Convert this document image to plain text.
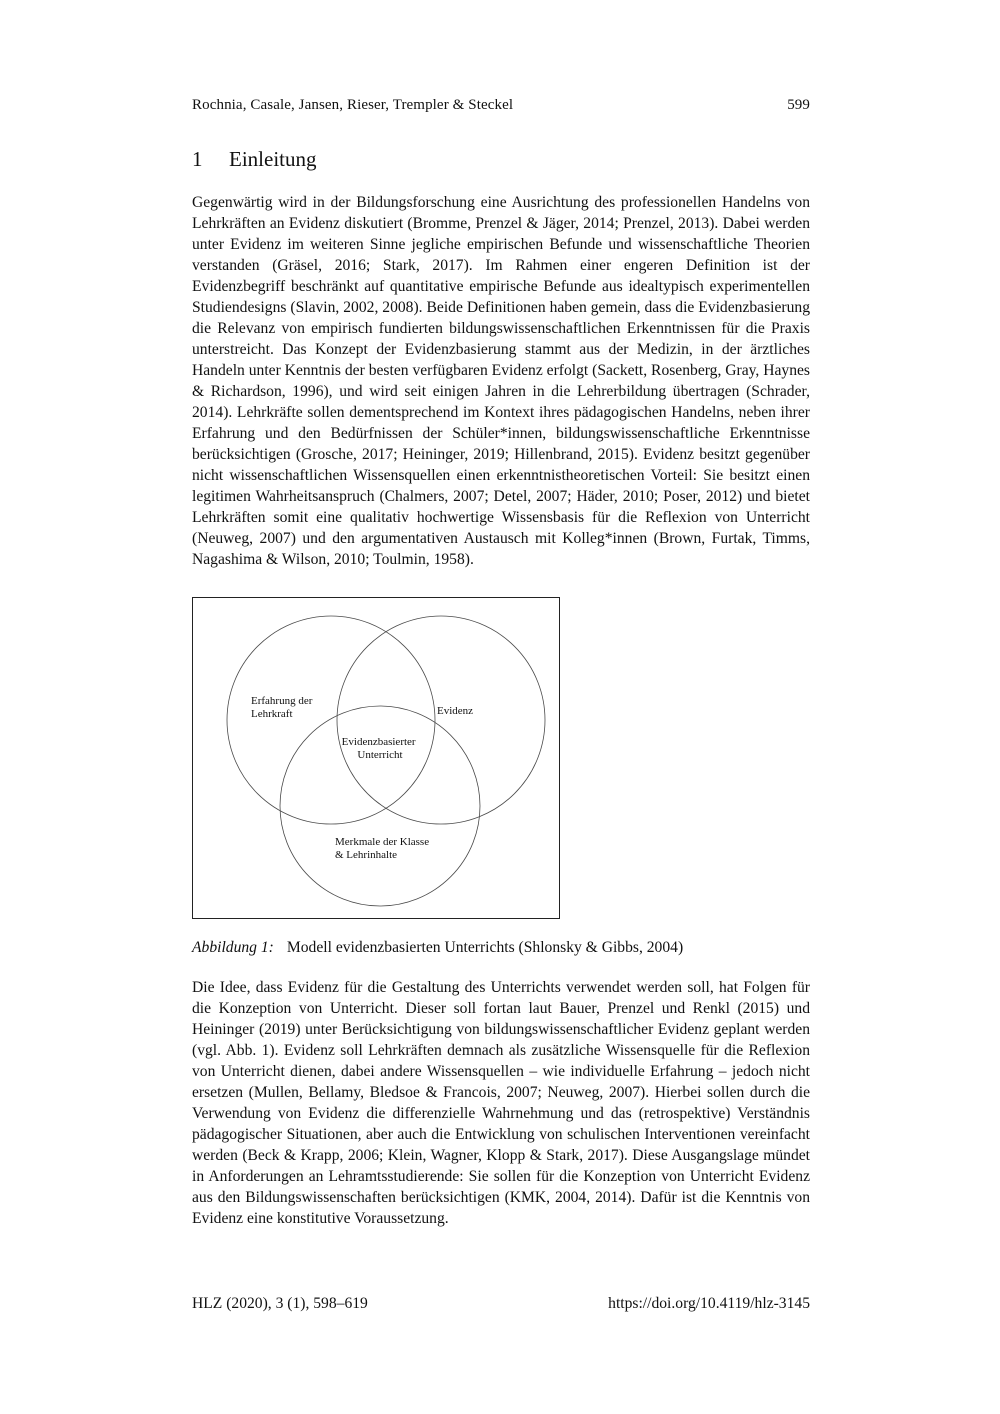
Rochnia, Casale, Jansen, Rieser, Trempler & Steckel	599
1 Einleitung

Gegenwärtig wird in der Bildungsforschung eine Ausrichtung des professionellen Handelns von Lehrkräften an Evidenz diskutiert (Bromme, Prenzel & Jäger, 2014; Prenzel, 2013). Dabei werden unter Evidenz im weiteren Sinne jegliche empirischen Befunde und wissenschaftliche Theorien verstanden (Gräsel, 2016; Stark, 2017). Im Rahmen einer engeren Definition ist der Evidenzbegriff beschränkt auf quantitative empirische Befunde aus idealtypisch experimentellen Studiendesigns (Slavin, 2002, 2008). Beide Definitionen haben gemein, dass die Evidenzbasierung die Relevanz von empirisch fundierten bildungswissenschaftlichen Erkenntnissen für die Praxis unterstreicht. Das Konzept der Evidenzbasierung stammt aus der Medizin, in der ärztliches Handeln unter Kenntnis der besten verfügbaren Evidenz erfolgt (Sackett, Rosenberg, Gray, Haynes & Richardson, 1996), und wird seit einigen Jahren in die Lehrerbildung übertragen (Schrader, 2014). Lehrkräfte sollen dementsprechend im Kontext ihres pädagogischen Handelns, neben ihrer Erfahrung und den Bedürfnissen der Schüler*innen, bildungswissenschaftliche Erkenntnisse berücksichtigen (Grosche, 2017; Heininger, 2019; Hillenbrand, 2015). Evidenz besitzt gegenüber nicht wissenschaftlichen Wissensquellen einen erkenntnistheoretischen Vorteil: Sie besitzt einen legitimen Wahrheitsanspruch (Chalmers, 2007; Detel, 2007; Häder, 2010; Poser, 2012) und bietet Lehrkräften somit eine qualitativ hochwertige Wissensbasis für die Reflexion von Unterricht (Neuweg, 2007) und den argumentativen Austausch mit Kolleg*innen (Brown, Furtak, Timms, Nagashima & Wilson, 2010; Toulmin, 1958).

Erfahrung der Lehrkraft	Evidenz
Evidenzbasierter Unterricht
Merkmale der Klasse & Lehrinhalte
Abbildung 1: Modell evidenzbasierten Unterrichts (Shlonsky & Gibbs, 2004)

Die Idee, dass Evidenz für die Gestaltung des Unterrichts verwendet werden soll, hat Folgen für die Konzeption von Unterricht. Dieser soll fortan laut Bauer, Prenzel und Renkl (2015) und Heininger (2019) unter Berücksichtigung von bildungswissenschaftlicher Evidenz geplant werden (vgl. Abb. 1). Evidenz soll Lehrkräften demnach als zusätzliche Wissensquelle für die Reflexion von Unterricht dienen, dabei andere Wissensquellen – wie individuelle Erfahrung – jedoch nicht ersetzen (Mullen, Bellamy, Bledsoe & Francois, 2007; Neuweg, 2007). Hierbei sollen durch die Verwendung von Evidenz die differenzielle Wahrnehmung und das (retrospektive) Verständnis pädagogischer Situationen, aber auch die Entwicklung von schulischen Interventionen vereinfacht werden (Beck & Krapp, 2006; Klein, Wagner, Klopp & Stark, 2017). Diese Ausgangslage mündet in Anforderungen an Lehramtsstudierende: Sie sollen für die Konzeption von Unterricht Evidenz aus den Bildungswissenschaften berücksichtigen (KMK, 2004, 2014). Dafür ist die Kenntnis von Evidenz eine konstitutive Voraussetzung.

HLZ (2020), 3 (1), 598–619	https://doi.org/10.4119/hlz-3145
